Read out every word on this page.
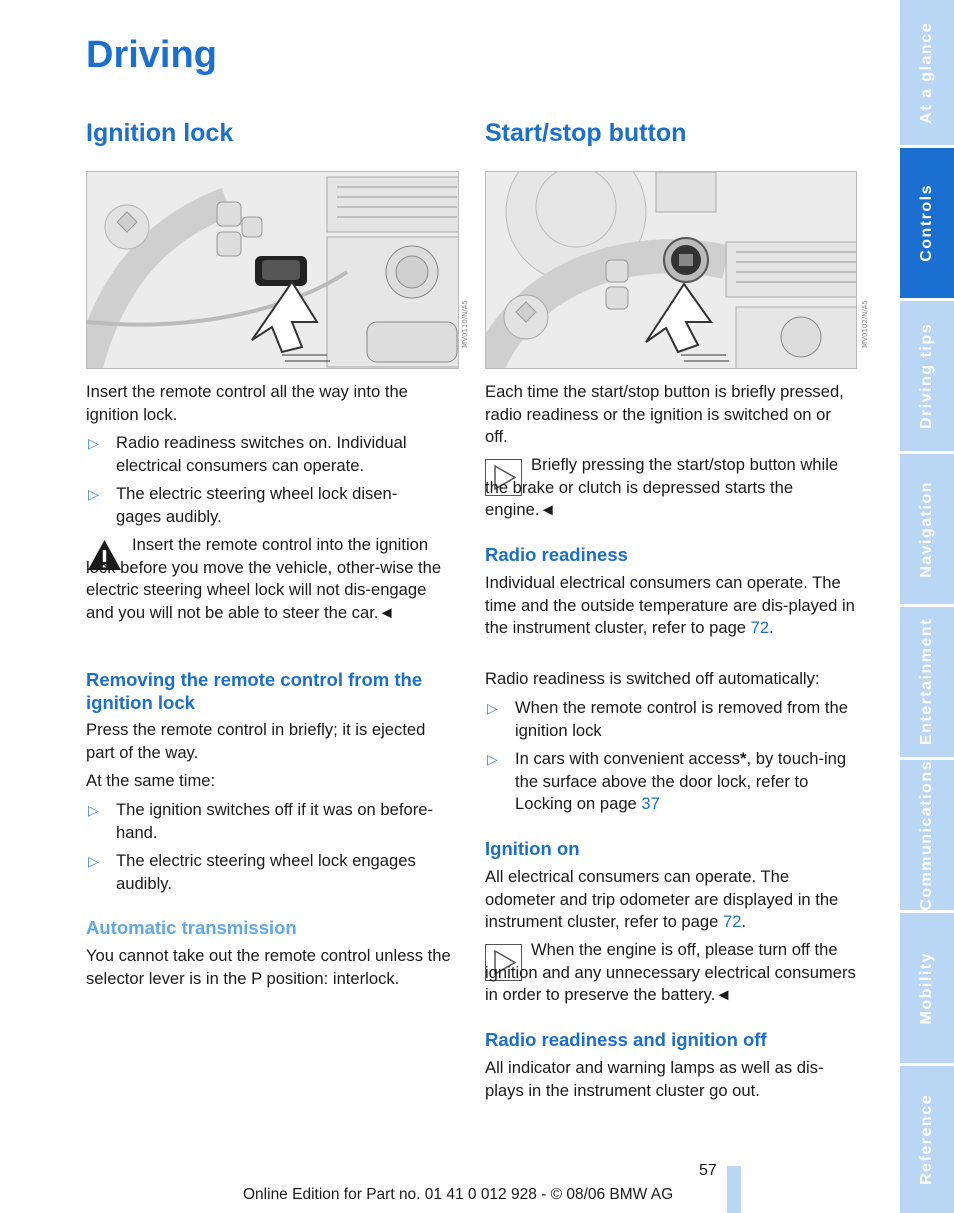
Driving
Ignition lock
MV0110/N/A5
Insert the remote control all the way into the ignition lock.
▷ Radio readiness switches on. Individual electrical consumers can operate.
▷ The electric steering wheel lock disen-gages audibly.
Insert the remote control into the ignition lock before you move the vehicle, other-wise the electric steering wheel lock will not dis-engage and you will not be able to steer the car.◄
Removing the remote control from the ignition lock
Press the remote control in briefly; it is ejected part of the way.
At the same time:
▷ The ignition switches off if it was on before-hand.
▷ The electric steering wheel lock engages audibly.
Automatic transmission
You cannot take out the remote control unless the selector lever is in the P position: interlock.
Start/stop button
MV0102/N/A5
Each time the start/stop button is briefly pressed, radio readiness or the ignition is switched on or off.
Briefly pressing the start/stop button while the brake or clutch is depressed starts the engine.◄
Radio readiness
Individual electrical consumers can operate. The time and the outside temperature are dis-played in the instrument cluster, refer to page 72.
Radio readiness is switched off automatically:
▷ When the remote control is removed from the ignition lock
▷ In cars with convenient access*, by touch-ing the surface above the door lock, refer to Locking on page 37
Ignition on
All electrical consumers can operate. The odometer and trip odometer are displayed in the instrument cluster, refer to page 72.
When the engine is off, please turn off the ignition and any unnecessary electrical consumers in order to preserve the battery.◄
Radio readiness and ignition off
All indicator and warning lamps as well as dis-plays in the instrument cluster go out.
At a glance
Controls
Driving tips
Navigation
Entertainment
Communications
Mobility
Reference
57
Online Edition for Part no. 01 41 0 012 928 - © 08/06 BMW AG
